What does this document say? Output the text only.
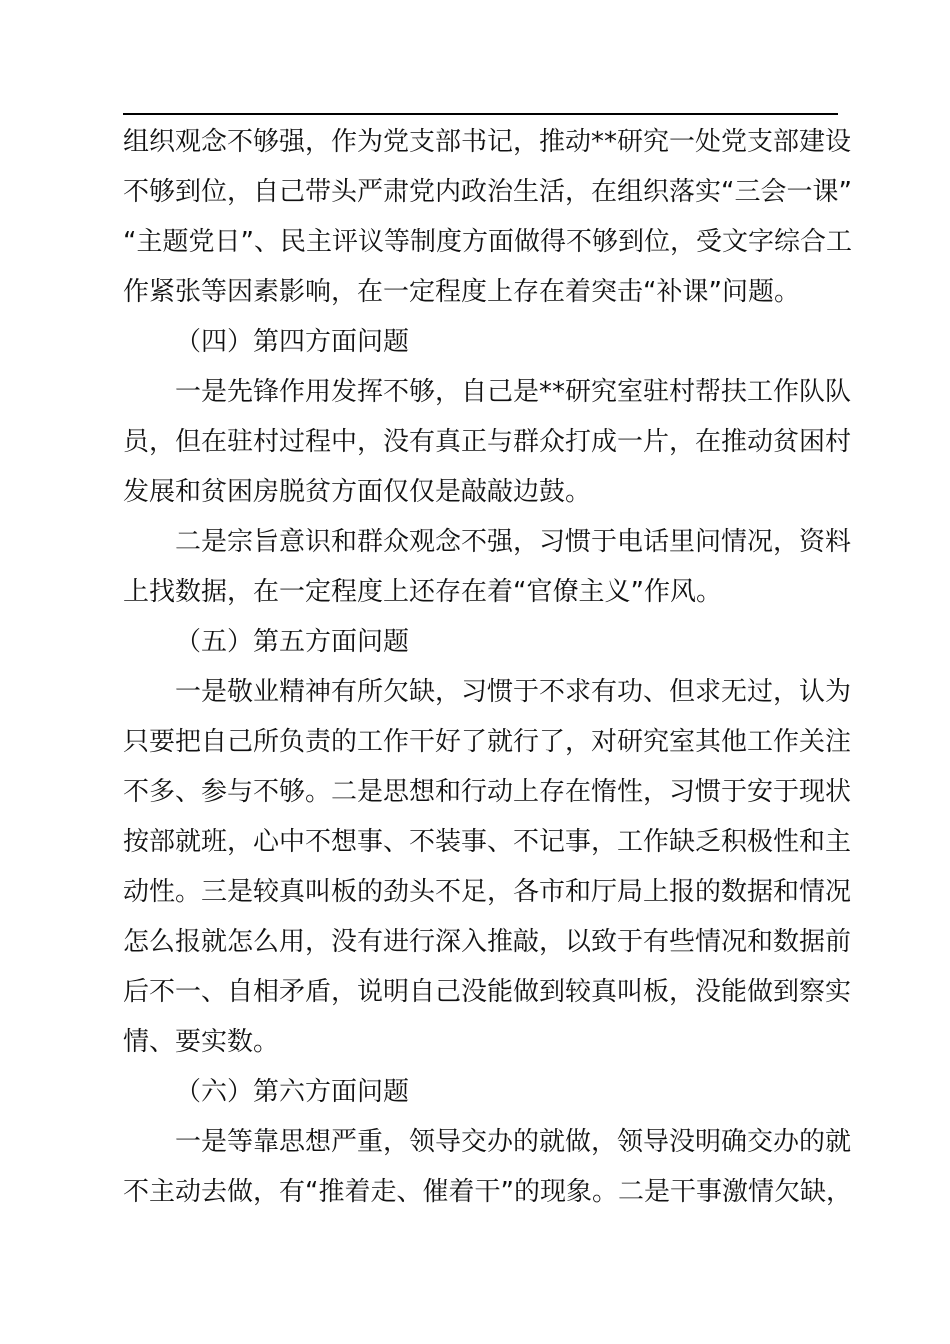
组织观念不够强，作为党支部书记，推动**研究一处党支部建设
不够到位，自己带头严肃党内政治生活，在组织落实“三会一课”
“主题党日”、民主评议等制度方面做得不够到位，受文字综合工
作紧张等因素影响，在一定程度上存在着突击“补课”问题。
（四）第四方面问题
一是先锋作用发挥不够，自己是**研究室驻村帮扶工作队队
员，但在驻村过程中，没有真正与群众打成一片，在推动贫困村
发展和贫困房脱贫方面仅仅是敲敲边鼓。
二是宗旨意识和群众观念不强，习惯于电话里问情况，资料
上找数据，在一定程度上还存在着“官僚主义”作风。
（五）第五方面问题
一是敬业精神有所欠缺，习惯于不求有功、但求无过，认为
只要把自己所负责的工作干好了就行了，对研究室其他工作关注
不多、参与不够。二是思想和行动上存在惰性，习惯于安于现状
按部就班，心中不想事、不装事、不记事，工作缺乏积极性和主
动性。三是较真叫板的劲头不足，各市和厅局上报的数据和情况
怎么报就怎么用，没有进行深入推敲，以致于有些情况和数据前
后不一、自相矛盾，说明自己没能做到较真叫板，没能做到察实
情、要实数。
（六）第六方面问题
一是等靠思想严重，领导交办的就做，领导没明确交办的就
不主动去做，有“推着走、催着干”的现象。二是干事激情欠缺，
